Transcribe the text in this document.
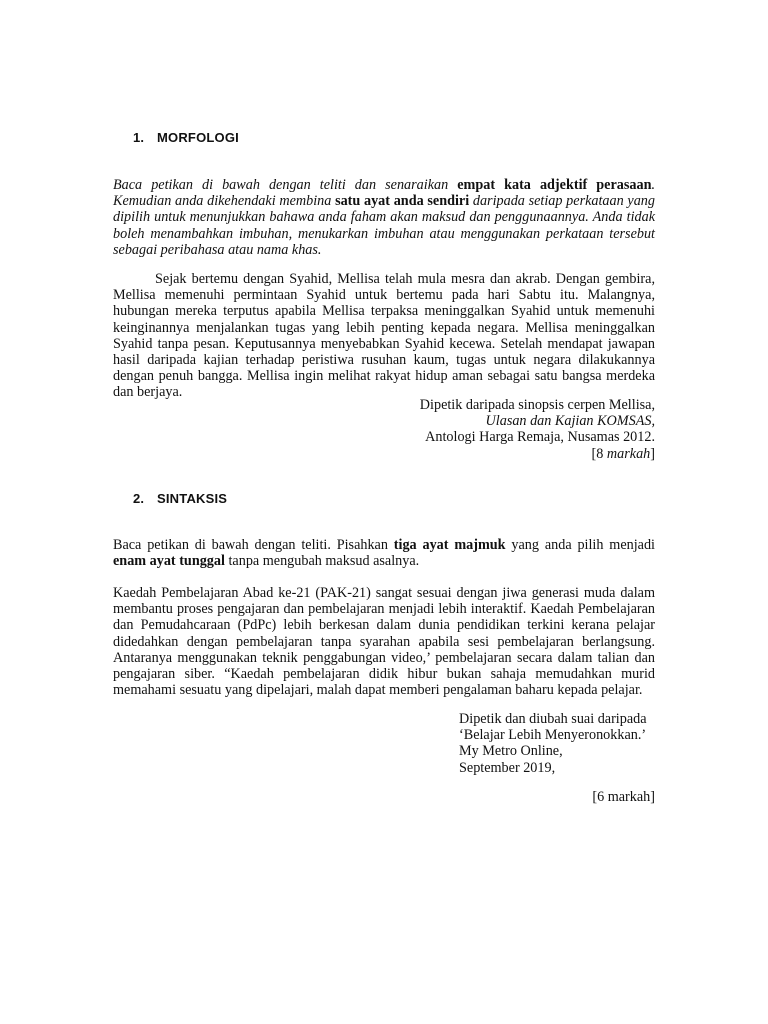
1. MORFOLOGI

Baca petikan di bawah dengan teliti dan senaraikan empat kata adjektif perasaan. Kemudian anda dikehendaki membina satu ayat anda sendiri daripada setiap perkataan yang dipilih untuk menunjukkan bahawa anda faham akan maksud dan penggunaannya. Anda tidak boleh menambahkan imbuhan, menukarkan imbuhan atau menggunakan perkataan tersebut sebagai peribahasa atau nama khas.

Sejak bertemu dengan Syahid, Mellisa telah mula mesra dan akrab. Dengan gembira, Mellisa memenuhi permintaan Syahid untuk bertemu pada hari Sabtu itu. Malangnya, hubungan mereka terputus apabila Mellisa terpaksa meninggalkan Syahid untuk memenuhi keinginannya menjalankan tugas yang lebih penting kepada negara. Mellisa meninggalkan Syahid tanpa pesan. Keputusannya menyebabkan Syahid kecewa. Setelah mendapat jawapan hasil daripada kajian terhadap peristiwa rusuhan kaum, tugas untuk negara dilakukannya dengan penuh bangga. Mellisa ingin melihat rakyat hidup aman sebagai satu bangsa merdeka dan berjaya.

Dipetik daripada sinopsis cerpen Mellisa,
Ulasan dan Kajian KOMSAS,
Antologi Harga Remaja, Nusamas 2012.
[8 markah]
2. SINTAKSIS

Baca petikan di bawah dengan teliti. Pisahkan tiga ayat majmuk yang anda pilih menjadi enam ayat tunggal tanpa mengubah maksud asalnya.

Kaedah Pembelajaran Abad ke-21 (PAK-21) sangat sesuai dengan jiwa generasi muda dalam membantu proses pengajaran dan pembelajaran menjadi lebih interaktif. Kaedah Pembelajaran dan Pemudahcaraan (PdPc) lebih berkesan dalam dunia pendidikan terkini kerana pelajar didedahkan dengan pembelajaran tanpa syarahan apabila sesi pembelajaran berlangsung. Antaranya menggunakan teknik penggabungan video,’ pembelajaran secara dalam talian dan pengajaran siber. “Kaedah pembelajaran didik hibur bukan sahaja memudahkan murid memahami sesuatu yang dipelajari, malah dapat memberi pengalaman baharu kepada pelajar.

Dipetik dan diubah suai daripada
‘Belajar Lebih Menyeronokkan.’
My Metro Online,
September 2019,

[6 markah]
